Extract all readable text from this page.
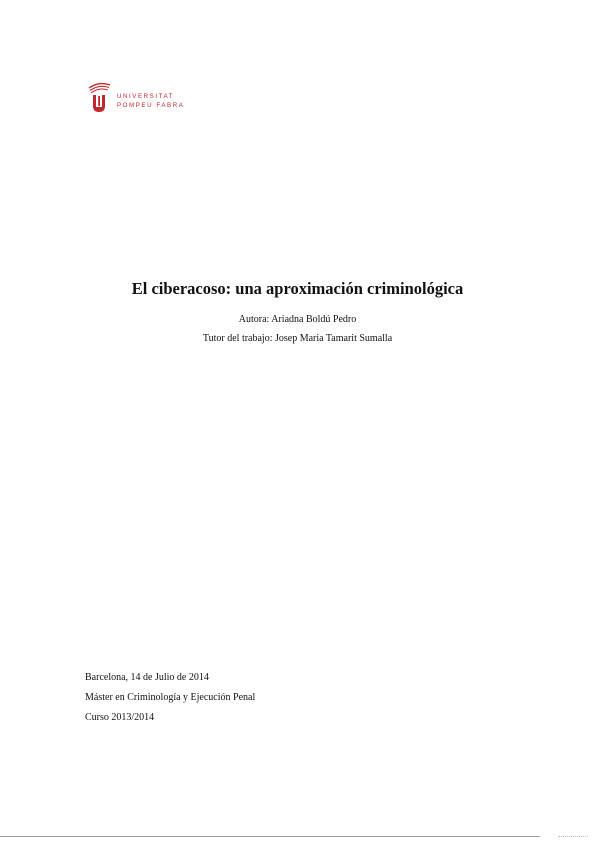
UNIVERSITAT
POMPEU FABRA
El ciberacoso: una aproximación criminológica
Autora: Ariadna Boldú Pedro
Tutor del trabajo: Josep Maria Tamarit Sumalla
Barcelona, 14 de Julio de 2014
Máster en Criminología y Ejecución Penal
Curso 2013/2014
